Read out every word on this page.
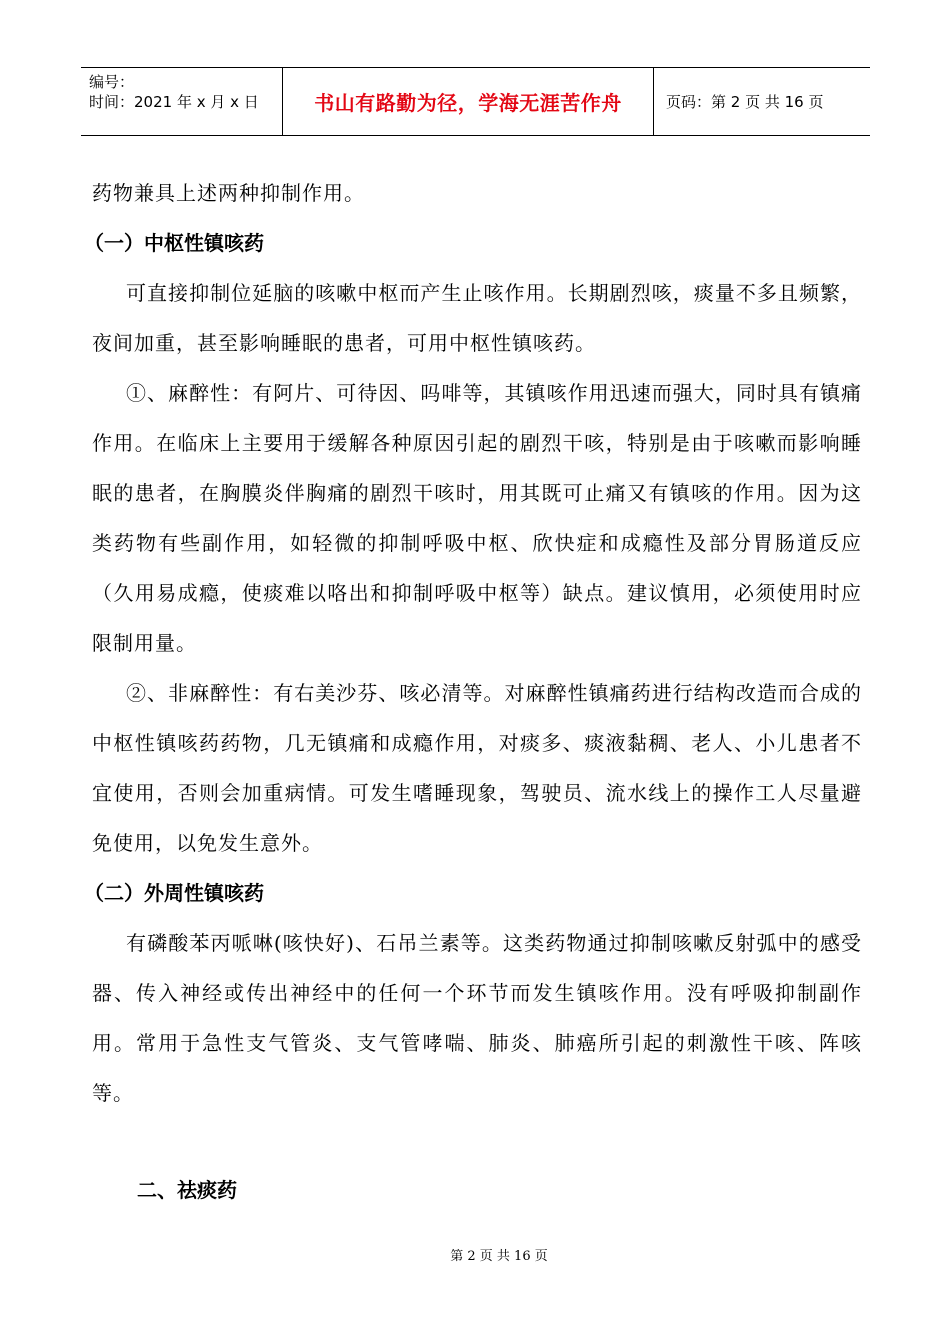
编号：
时间：2021 年 x 月 x 日	书山有路勤为径，学海无涯苦作舟	页码：第 2 页 共 16 页

药物兼具上述两种抑制作用。

（一）中枢性镇咳药

可直接抑制位延脑的咳嗽中枢而产生止咳作用。长期剧烈咳，痰量不多且频繁，夜间加重，甚至影响睡眠的患者，可用中枢性镇咳药。

①、麻醉性：有阿片、可待因、吗啡等，其镇咳作用迅速而强大，同时具有镇痛作用。在临床上主要用于缓解各种原因引起的剧烈干咳，特别是由于咳嗽而影响睡眠的患者，在胸膜炎伴胸痛的剧烈干咳时，用其既可止痛又有镇咳的作用。因为这类药物有些副作用，如轻微的抑制呼吸中枢、欣快症和成瘾性及部分胃肠道反应（久用易成瘾，使痰难以咯出和抑制呼吸中枢等）缺点。建议慎用，必须使用时应限制用量。

②、非麻醉性：有右美沙芬、咳必清等。对麻醉性镇痛药进行结构改造而合成的中枢性镇咳药药物，几无镇痛和成瘾作用，对痰多、痰液黏稠、老人、小儿患者不宜使用，否则会加重病情。可发生嗜睡现象，驾驶员、流水线上的操作工人尽量避免使用，以免发生意外。

（二）外周性镇咳药

有磷酸苯丙哌啉(咳快好)、石吊兰素等。这类药物通过抑制咳嗽反射弧中的感受器、传入神经或传出神经中的任何一个环节而发生镇咳作用。没有呼吸抑制副作用。常用于急性支气管炎、支气管哮喘、肺炎、肺癌所引起的刺激性干咳、阵咳等。

二、祛痰药
第 2 页 共 16 页
